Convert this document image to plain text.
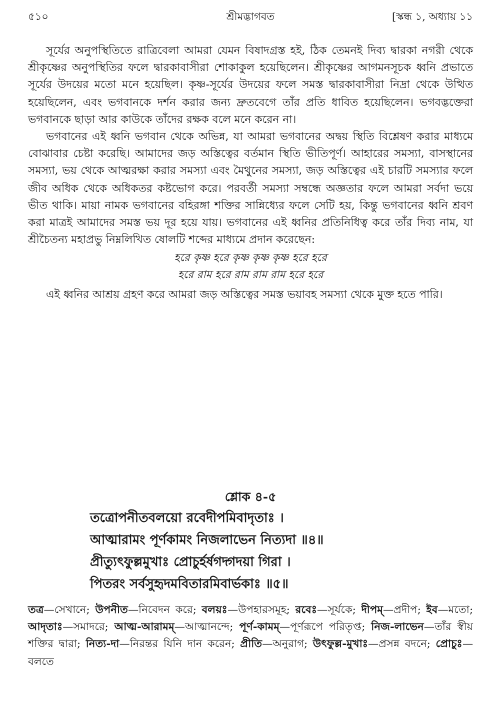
৫১০	শ্রীমদ্ভাগবত	[স্কন্ধ ১, অধ্যায় ১১

সূর্যের অনুপস্থিতিতে রাত্রিবেলা আমরা যেমন বিষাদগ্রস্ত হই, ঠিক তেমনই দিব্য দ্বারকা নগরী থেকে শ্রীকৃষ্ণের অনুপস্থিতির ফলে দ্বারকাবাসীরা শোকাকুল হয়েছিলেন। শ্রীকৃষ্ণের আগমনসূচক ধ্বনি প্রভাতে সূর্যের উদয়ের মতো মনে হয়েছিল। কৃষ্ণ-সূর্যের উদয়ের ফলে সমস্ত দ্বারকাবাসীরা নিদ্রা থেকে উত্থিত হয়েছিলেন, এবং ভগবানকে দর্শন করার জন্য দ্রুতবেগে তাঁর প্রতি ধাবিত হয়েছিলেন। ভগবদ্ভক্তেরা ভগবানকে ছাড়া আর কাউকে তাঁদের রক্ষক বলে মনে করেন না।

ভগবানের এই ধ্বনি ভগবান থেকে অভিন্ন, যা আমরা ভগবানের অদ্বয় স্থিতি বিশ্লেষণ করার মাধ্যমে বোঝাবার চেষ্টা করেছি। আমাদের জড় অস্তিত্বের বর্তমান স্থিতি ভীতিপূর্ণ। আহারের সমস্যা, বাসস্থানের সমস্যা, ভয় থেকে আত্মরক্ষা করার সমস্যা এবং মৈথুনের সমস্যা, জড় অস্তিত্বের এই চারটি সমস্যার ফলে জীব অধিক থেকে অধিকতর কষ্টভোগ করে। পরবর্তী সমস্যা সম্বন্ধে অজ্ঞতার ফলে আমরা সর্বদা ভয়ে ভীত থাকি। মায়া নামক ভগবানের বহিরঙ্গা শক্তির সান্নিধ্যের ফলে সেটি হয়, কিন্তু ভগবানের ধ্বনি শ্রবণ করা মাত্রই আমাদের সমস্ত ভয় দূর হয়ে যায়। ভগবানের এই ধ্বনির প্রতিনিধিত্ব করে তাঁর দিব্য নাম, যা শ্রীচৈতন্য মহাপ্রভু নিম্নলিখিত ষোলটি শব্দের মাধ্যমে প্রদান করেছেন:

হরে কৃষ্ণ হরে কৃষ্ণ কৃষ্ণ কৃষ্ণ হরে হরে
হরে রাম হরে রাম রাম রাম হরে হরে

এই ধ্বনির আশ্রয় গ্রহণ করে আমরা জড় অস্তিত্বের সমস্ত ভয়াবহ সমস্যা থেকে মুক্ত হতে পারি।

শ্লোক ৪-৫
তত্রোপনীতবলয়ো রবেদীপমিবাদৃতাঃ ।
আত্মারামং পূর্ণকামং নিজলাভেন নিত্যদা ॥৪॥
প্রীত্যুৎফুল্লমুখাঃ প্রোচুর্হর্ষগদ্গদয়া গিরা ।
পিতরং সর্বসুহৃদমবিতারমিবার্ভকাঃ ॥৫॥
তত্র—সেখানে; উপনীত—নিবেদন করে; বলয়ঃ—উপহারসমূহ; রবেঃ—সূর্যকে; দীপম্—প্রদীপ; ইব—মতো; আদৃতাঃ—সমাদরে; আত্ম-আরামম্—আত্মানন্দে; পূর্ণ-কামম্—পূর্ণরূপে পরিতৃপ্ত; নিজ-লাভেন—তাঁর স্বীয় শক্তির দ্বারা; নিত্য-দা—নিরন্তর যিনি দান করেন; প্রীতি—অনুরাগ; উৎফুল্ল-মুখাঃ—প্রসন্ন বদনে; প্রোচুঃ—বলতে
